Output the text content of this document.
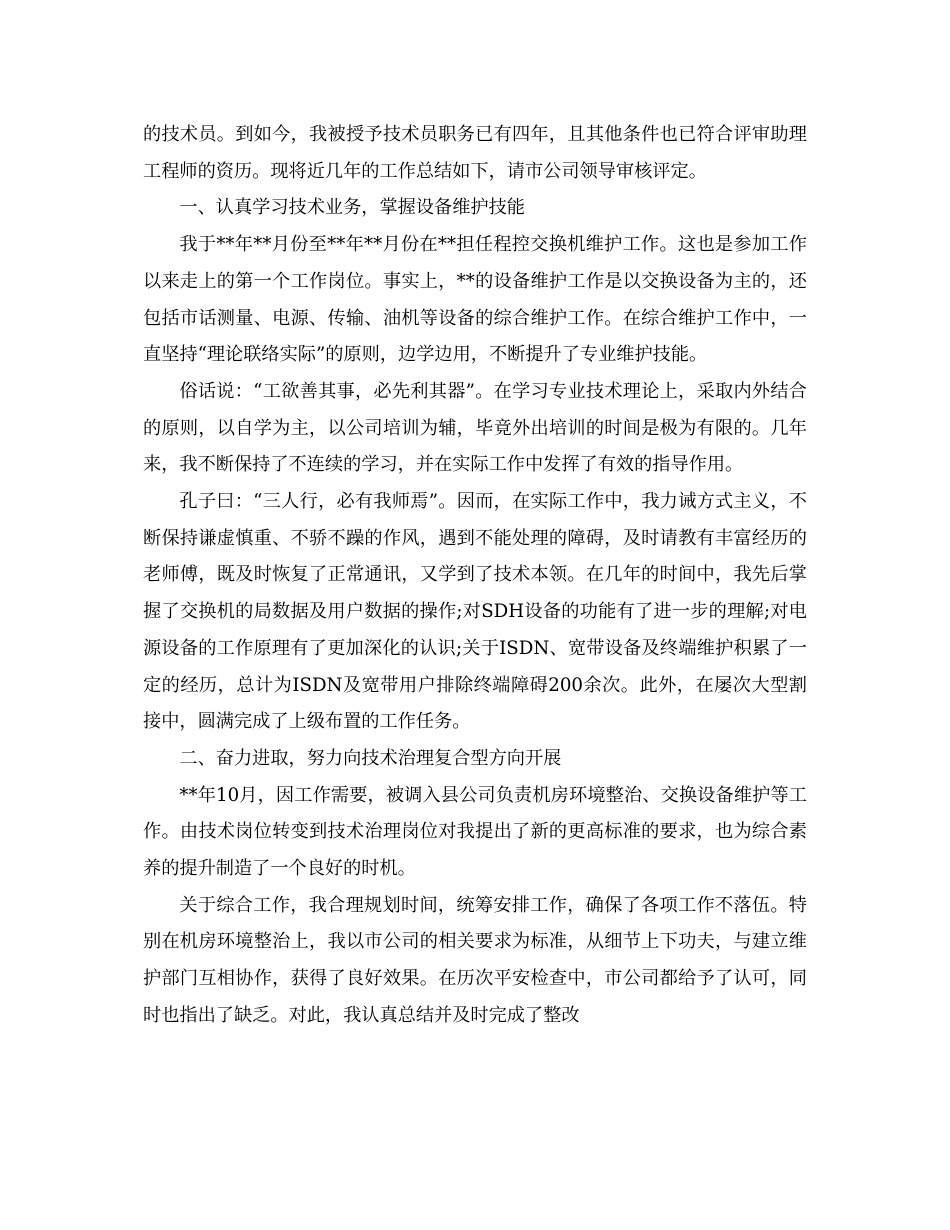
的技术员。到如今，我被授予技术员职务已有四年，且其他条件也已符合评审助理工程师的资历。现将近几年的工作总结如下，请市公司领导审核评定。

一、认真学习技术业务，掌握设备维护技能

我于**年**月份至**年**月份在**担任程控交换机维护工作。这也是参加工作以来走上的第一个工作岗位。事实上，**的设备维护工作是以交换设备为主的，还包括市话测量、电源、传输、油机等设备的综合维护工作。在综合维护工作中，一直坚持“理论联络实际”的原则，边学边用，不断提升了专业维护技能。

俗话说：“工欲善其事，必先利其器”。在学习专业技术理论上，采取内外结合的原则，以自学为主，以公司培训为辅，毕竟外出培训的时间是极为有限的。几年来，我不断保持了不连续的学习，并在实际工作中发挥了有效的指导作用。

孔子曰：“三人行，必有我师焉”。因而，在实际工作中，我力诫方式主义，不断保持谦虚慎重、不骄不躁的作风，遇到不能处理的障碍，及时请教有丰富经历的老师傅，既及时恢复了正常通讯，又学到了技术本领。在几年的时间中，我先后掌握了交换机的局数据及用户数据的操作;对SDH设备的功能有了进一步的理解;对电源设备的工作原理有了更加深化的认识;关于ISDN、宽带设备及终端维护积累了一定的经历，总计为ISDN及宽带用户排除终端障碍200余次。此外，在屡次大型割接中，圆满完成了上级布置的工作任务。

二、奋力进取，努力向技术治理复合型方向开展

**年10月，因工作需要，被调入县公司负责机房环境整治、交换设备维护等工作。由技术岗位转变到技术治理岗位对我提出了新的更高标准的要求，也为综合素养的提升制造了一个良好的时机。

关于综合工作，我合理规划时间，统筹安排工作，确保了各项工作不落伍。特别在机房环境整治上，我以市公司的相关要求为标准，从细节上下功夫，与建立维护部门互相协作，获得了良好效果。在历次平安检查中，市公司都给予了认可，同时也指出了缺乏。对此，我认真总结并及时完成了整改
